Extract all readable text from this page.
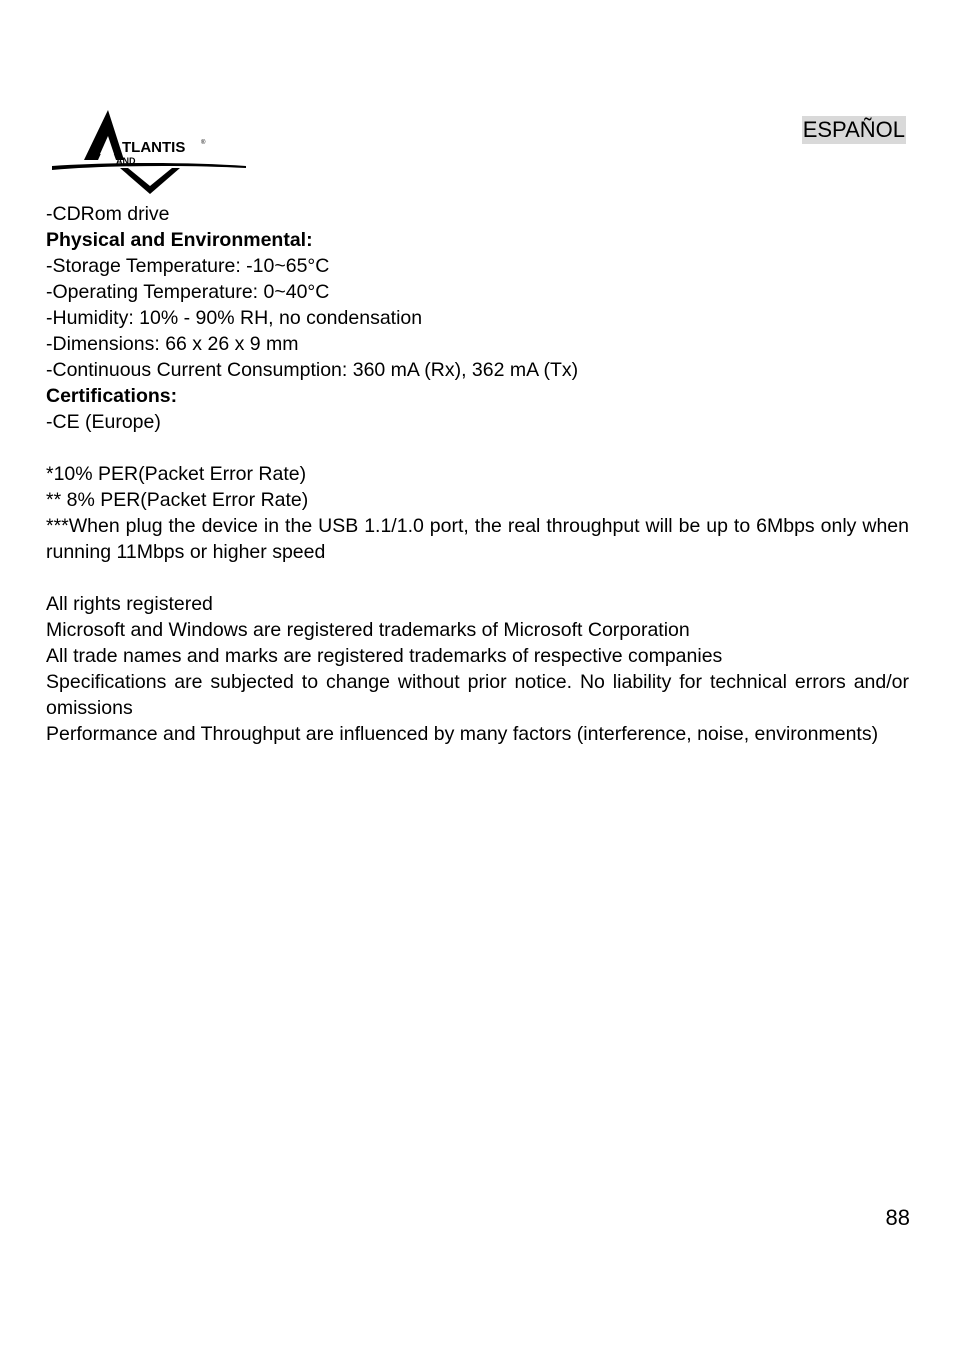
TLANTIS	®
AND
ESPAÑOL

-CDRom drive

Physical and Environmental:

-Storage Temperature: -10~65°C

-Operating Temperature: 0~40°C

-Humidity: 10% - 90% RH, no condensation

-Dimensions: 66 x 26 x 9 mm

-Continuous Current Consumption: 360 mA (Rx), 362 mA (Tx)

Certifications:

-CE (Europe)

*10% PER(Packet Error Rate)

** 8% PER(Packet Error Rate)

***When plug the device in the USB 1.1/1.0 port, the real throughput will be up to 6Mbps only when running 11Mbps or higher speed

All rights registered

Microsoft and Windows are registered trademarks of Microsoft Corporation

All trade names and marks are registered trademarks of respective companies

Specifications are subjected to change without prior notice. No liability for technical errors and/or omissions

Performance and Throughput are influenced by many factors (interference, noise, environments)

88
